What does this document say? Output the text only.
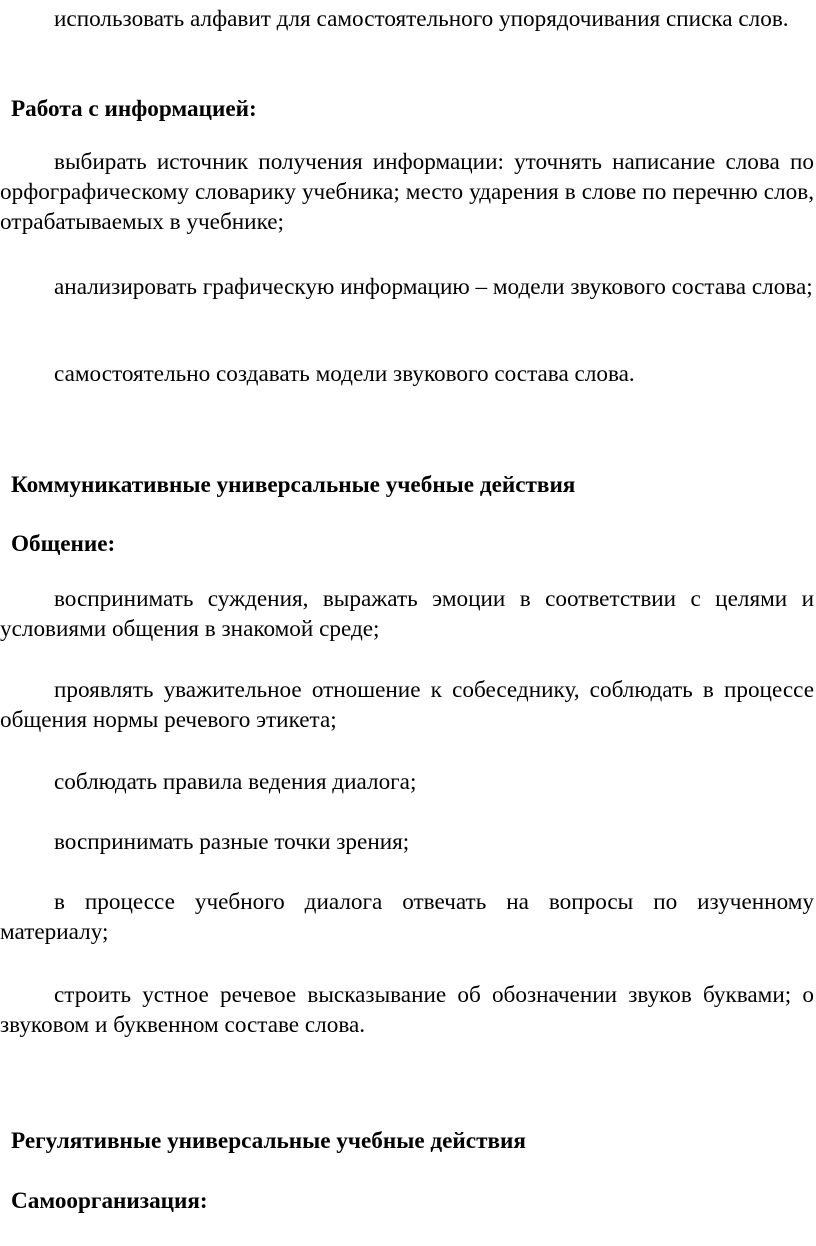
использовать алфавит для самостоятельного упорядочивания списка слов.

Работа с информацией:

выбирать источник получения информации: уточнять написание слова по орфографическому словарику учебника; место ударения в слове по перечню слов, отрабатываемых в учебнике;

анализировать графическую информацию – модели звукового состава слова;

самостоятельно создавать модели звукового состава слова.

Коммуникативные универсальные учебные действия

Общение:

воспринимать суждения, выражать эмоции в соответствии с целями и условиями общения в знакомой среде;

проявлять уважительное отношение к собеседнику, соблюдать в процессе общения нормы речевого этикета;

соблюдать правила ведения диалога;

воспринимать разные точки зрения;

в процессе учебного диалога отвечать на вопросы по изученному материалу;

строить устное речевое высказывание об обозначении звуков буквами; о звуковом и буквенном составе слова.

Регулятивные универсальные учебные действия

Самоорганизация:
